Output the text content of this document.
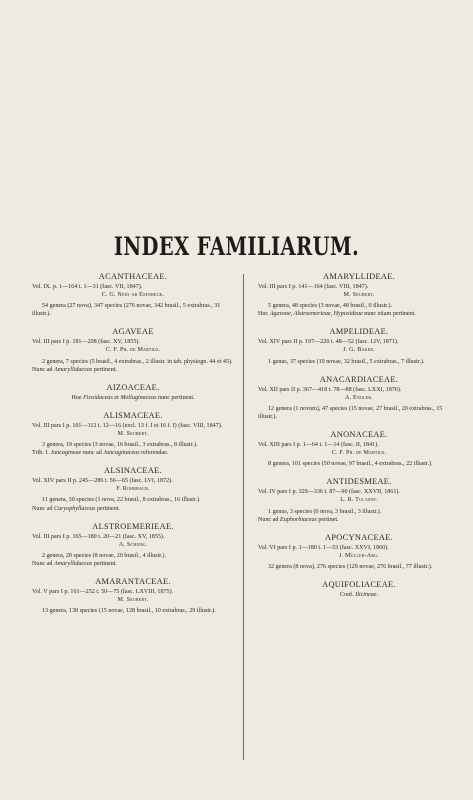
INDEX FAMILIARUM.
ACANTHACEAE.
Vol. IX. p. 1—164 t. 1—31 (fasc. VII, 1847).
C. G. Nees ab Esenbeck.
54 genera (27 nova), 347 species (276 novae, 342 brasil., 5 extrabras., 31 illustr.).
AGAVEAE
Vol. III pars I p. 181—208 (fasc. XV, 1855).
C. F. Ph. de Martius.
2 genera, 7 species (5 brasil., 4 extrabras., 2 illustr. in tab. physiogn. 44 et 45).
Nunc ad Amaryllidaceas pertinent.
AIZOACEAE.
Hue Ficoidaceas et Molluginaceas nunc pertinent.
ALISMACEAE.
Vol. III pars I p. 101—112 t. 12—16 (excl. 13 f. I et 16 f. I) (fasc. VIII, 1847).
M. Seubert.
3 genera, 19 species (3 novae, 16 brasil., 3 extrabras., 8 illustr.).
Trib. I. Juncagineae nunc ad Juncaginaceas referendae.
ALSINACEAE.
Vol. XIV pars II p. 245—286 t. 56—65 (fasc. LVI, 1872).
F. Rohrbach.
11 genera, 30 species (1 nova, 22 brasil., 8 extrabras., 16 illustr.).
Nunc ad Caryophyllaceas pertinent.
ALSTROEMERIEAE.
Vol. III pars I p. 165—180 t. 20—21 (fasc. XV, 1855).
A. Schenk.
2 genera, 20 species (8 novae, 20 brasil., 4 illustr.).
Nunc ad Amaryllidaceas pertinent.
AMARANTACEAE.
Vol. V pars I p. 161—252 t. 50—75 (fasc. LXVIII, 1875).
M. Seubert.
13 genera, 138 species (15 novae, 128 brasil., 10 extrabras., 29 illustr.).
AMARYLLIDEAE.
Vol. III pars I p. 141—164 (fasc. VIII, 1847).
M. Seubert.
5 genera, 48 species (3 novae, 48 brasil., 0 illustr.).
Huc Agaveae, Alstroemerieae, Hypoxideae nunc etiam pertinent.
AMPELIDEAE.
Vol. XIV pars II p. 197—220 t. 48—52 (fasc. LIV, 1871).
J. G. Baker.
1 genus, 37 species (19 novae, 32 brasil., 5 extrabras., 7 illustr.).
ANACARDIACEAE.
Vol. XII pars II p. 367—418 t. 78—88 (fasc. LXXI, 1876).
A. Engler.
12 genera (1 novum), 47 species (15 novae, 27 brasil., 20 extrabras., 15 illustr.).
ANONACEAE.
Vol. XIII pars I p. 1—64 t. 1—14 (fasc. II, 1841).
C. F. Ph. de Martius.
8 genera, 101 species (50 novae, 97 brasil., 4 extrabras., 22 illustr.).
ANTIDESMEAE.
Vol. IV pars I p. 329—336 t. 87—90 (fasc. XXVII, 1861).
L. R. Tulasne.
1 genus, 3 species (0 nova, 3 brasil., 3 illustr.).
Nunc ad Euphorbiaceas pertinet.
APOCYNACEAE.
Vol. VI pars I p. 1—180 t. 1—53 (fasc. XXVI, 1860).
J. Müller-Arg.
32 genera (8 nova), 276 species (129 novae, 276 brasil., 77 illustr.).
AQUIFOLIACEAE.
Conf. Ilicineae.
